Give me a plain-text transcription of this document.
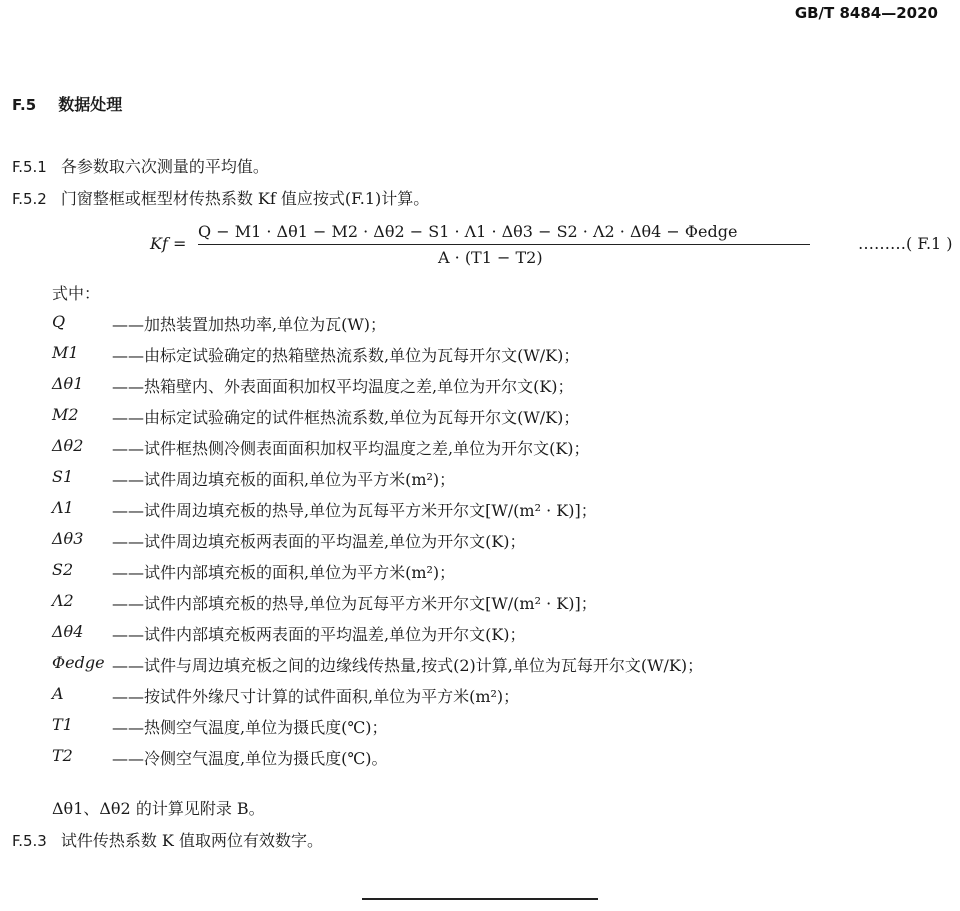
GB/T 8484—2020
F.5 数据处理
F.5.1 各参数取六次测量的平均值。
F.5.2 门窗整框或框型材传热系数 Kf 值应按式(F.1)计算。
Kf =
Q − M1 · Δθ1 − M2 · Δθ2 − S1 · Λ1 · Δθ3 − S2 · Λ2 · Δθ4 − Φedge
A · (T1 − T2)
………( F.1 )
式中：
Q	——加热装置加热功率,单位为瓦(W)；
M1	——由标定试验确定的热箱壁热流系数,单位为瓦每开尔文(W/K)；
Δθ1	——热箱壁内、外表面面积加权平均温度之差,单位为开尔文(K)；
M2	——由标定试验确定的试件框热流系数,单位为瓦每开尔文(W/K)；
Δθ2	——试件框热侧冷侧表面面积加权平均温度之差,单位为开尔文(K)；
S1	——试件周边填充板的面积,单位为平方米(m²)；
Λ1	——试件周边填充板的热导,单位为瓦每平方米开尔文[W/(m² · K)]；
Δθ3	——试件周边填充板两表面的平均温差,单位为开尔文(K)；
S2	——试件内部填充板的面积,单位为平方米(m²)；
Λ2	——试件内部填充板的热导,单位为瓦每平方米开尔文[W/(m² · K)]；
Δθ4	——试件内部填充板两表面的平均温差,单位为开尔文(K)；
Φedge ——试件与周边填充板之间的边缘线传热量,按式(2)计算,单位为瓦每开尔文(W/K)；
A	——按试件外缘尺寸计算的试件面积,单位为平方米(m²)；
T1	——热侧空气温度,单位为摄氏度(℃)；
T2	——冷侧空气温度,单位为摄氏度(℃)。
Δθ1、Δθ2 的计算见附录 B。
F.5.3 试件传热系数 K 值取两位有效数字。
